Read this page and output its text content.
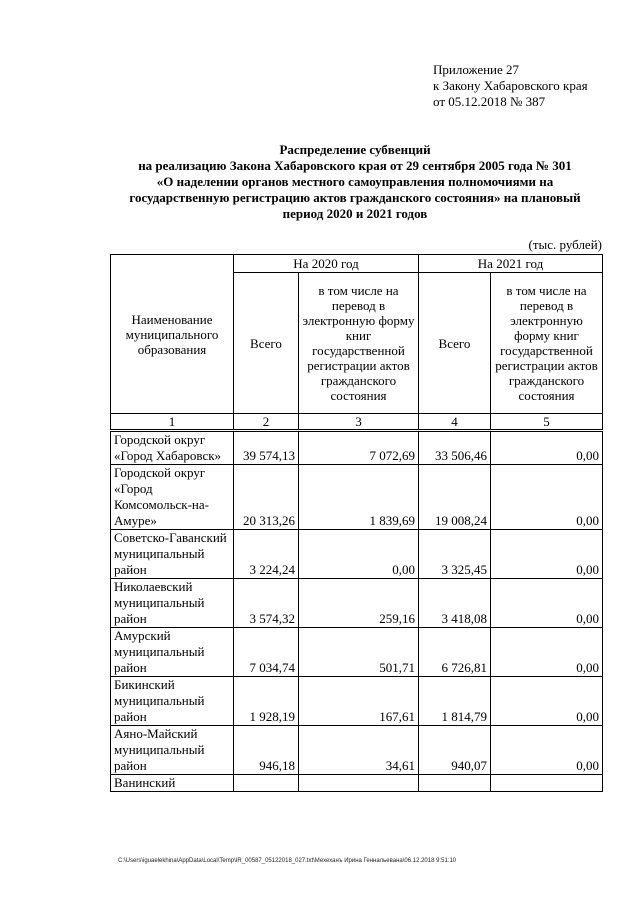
Приложение 27
к Закону Хабаровского края
от 05.12.2018 № 387
Распределение субвенций
на реализацию Закона Хабаровского края от 29 сентября 2005 года № 301
«О наделении органов местного самоуправления полномочиями на
государственную регистрацию актов гражданского состояния» на плановый
период 2020 и 2021 годов
(тыс. рублей)
Наименование муниципального образования	На 2020 год		На 2021 год	
	Всего	в том числе на перевод в электронную форму книг государственной регистрации актов гражданского состояния	Всего	в том числе на перевод в электронную форму книг государственной регистрации актов гражданского состояния
1	2	3	4	5
Городской округ «Город Хабаровск»	39 574,13	7 072,69	33 506,46	0,00
Городской округ «Город Комсомольск-на-Амуре»	20 313,26	1 839,69	19 008,24	0,00
Советско-Гаванский муниципальный район	3 224,24	0,00	3 325,45	0,00
Николаевский муниципальный район	3 574,32	259,16	3 418,08	0,00
Амурский муниципальный район	7 034,74	501,71	6 726,81	0,00
Бикинский муниципальный район	1 928,19	167,61	1 814,79	0,00
Аяно-Майский муниципальный район	946,18	34,61	940,07	0,00
Ванинский				
C:\Users\iguaelekhina\AppData\Local\Temp\IR_00587_05122018_027.txt\Мехеханъ Ирина Геннальевана\06.12.2018 9:51:10
